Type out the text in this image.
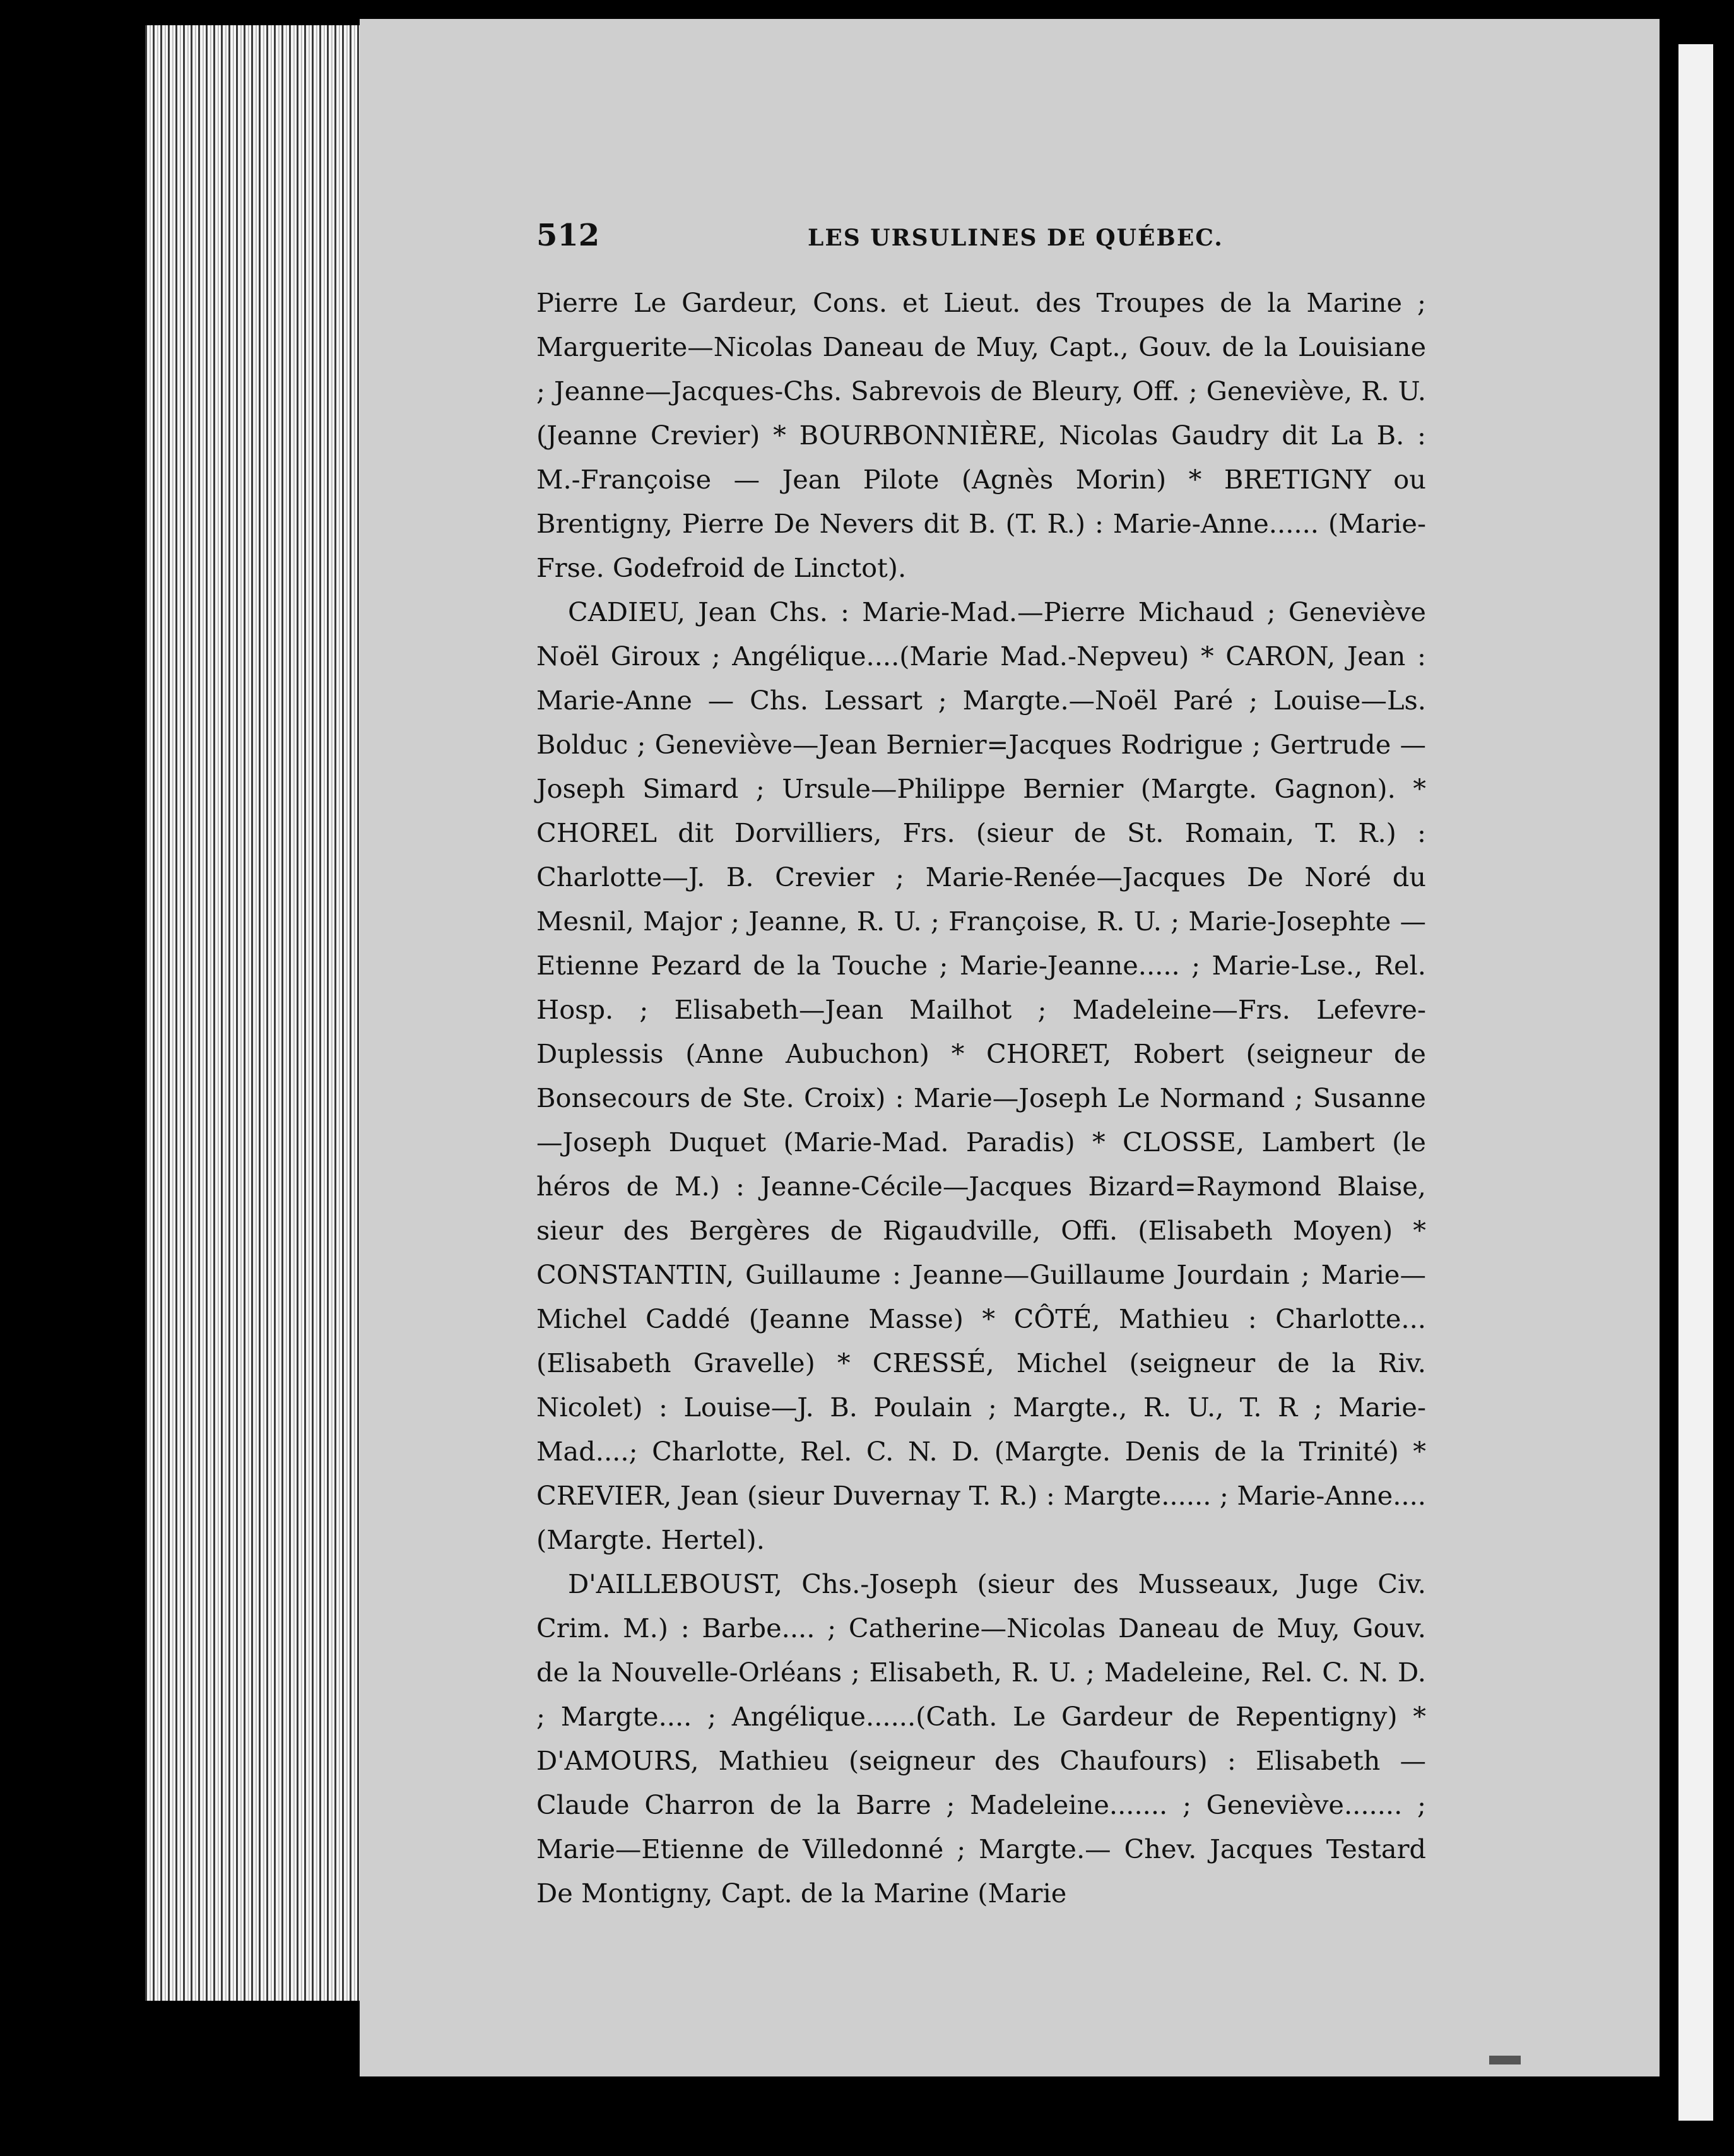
512	LES URSULINES DE QUÉBEC.

Pierre Le Gardeur, Cons. et Lieut. des Troupes de la Marine ; Marguerite—Nicolas Daneau de Muy, Capt., Gouv. de la Louisiane ; Jeanne—Jacques-Chs. Sabrevois de Bleury, Off. ; Geneviève, R. U. (Jeanne Crevier) * BOURBONNIÈRE, Nicolas Gaudry dit La B. : M.-Françoise — Jean Pilote (Agnès Morin) * BRETIGNY ou Brentigny, Pierre De Nevers dit B. (T. R.) : Marie-Anne...... (Marie-Frse. Godefroid de Linctot).

CADIEU, Jean Chs. : Marie-Mad.—Pierre Michaud ; Geneviève Noël Giroux ; Angélique....(Marie Mad.-Nepveu) * CARON, Jean : Marie-Anne — Chs. Lessart ; Margte.—Noël Paré ; Louise—Ls. Bolduc ; Geneviève—Jean Bernier=Jacques Rodrigue ; Gertrude —Joseph Simard ; Ursule—Philippe Bernier (Margte. Gagnon). * CHOREL dit Dorvilliers, Frs. (sieur de St. Romain, T. R.) : Charlotte—J. B. Crevier ; Marie-Renée—Jacques De Noré du Mesnil, Major ; Jeanne, R. U. ; Françoise, R. U. ; Marie-Josephte — Etienne Pezard de la Touche ; Marie-Jeanne..... ; Marie-Lse., Rel. Hosp. ; Elisabeth—Jean Mailhot ; Madeleine—Frs. Lefevre-Duplessis (Anne Aubuchon) * CHORET, Robert (seigneur de Bonsecours de Ste. Croix) : Marie—Joseph Le Normand ; Susanne —Joseph Duquet (Marie-Mad. Paradis) * CLOSSE, Lambert (le héros de M.) : Jeanne-Cécile—Jacques Bizard=Raymond Blaise, sieur des Bergères de Rigaudville, Offi. (Elisabeth Moyen) * CONSTANTIN, Guillaume : Jeanne—Guillaume Jourdain ; Marie—Michel Caddé (Jeanne Masse) * CÔTÉ, Mathieu : Charlotte... (Elisabeth Gravelle) * CRESSÉ, Michel (seigneur de la Riv. Nicolet) : Louise—J. B. Poulain ; Margte., R. U., T. R ; Marie-Mad....; Charlotte, Rel. C. N. D. (Margte. Denis de la Trinité) * CREVIER, Jean (sieur Duvernay T. R.) : Margte...... ; Marie-Anne....(Margte. Hertel).

D'AILLEBOUST, Chs.-Joseph (sieur des Musseaux, Juge Civ. Crim. M.) : Barbe.... ; Catherine—Nicolas Daneau de Muy, Gouv. de la Nouvelle-Orléans ; Elisabeth, R. U. ; Madeleine, Rel. C. N. D. ; Margte.... ; Angélique......(Cath. Le Gardeur de Repentigny) * D'AMOURS, Mathieu (seigneur des Chaufours) : Elisabeth — Claude Charron de la Barre ; Madeleine....... ; Geneviève....... ; Marie—Etienne de Villedonné ; Margte.— Chev. Jacques Testard De Montigny, Capt. de la Marine (Marie
